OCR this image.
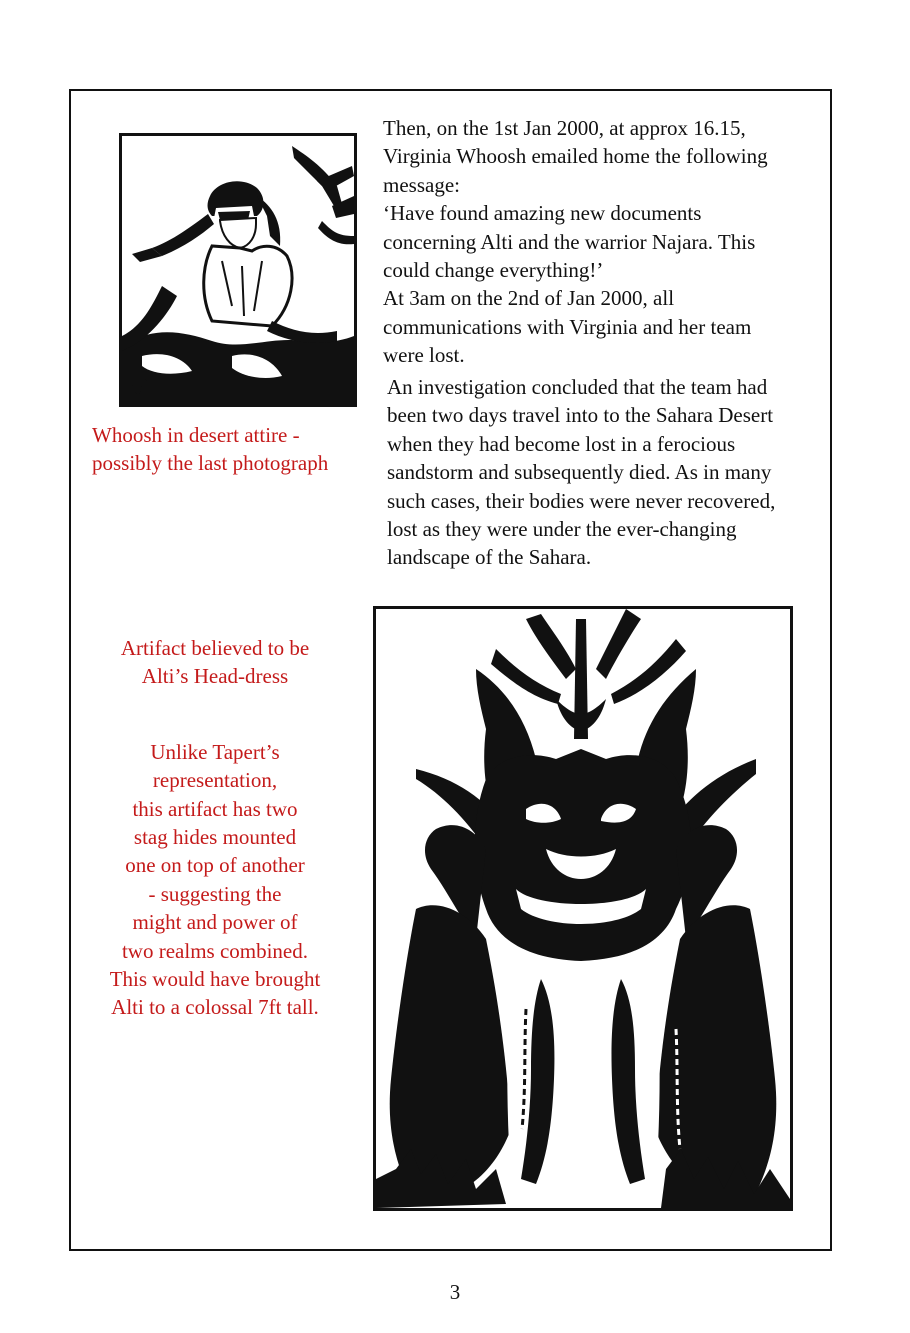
Then, on the 1st Jan 2000, at approx 16.15,

Virginia Whoosh emailed home the following

message:

‘Have found amazing new documents

concerning Alti and the warrior Najara. This

could change everything!’

At 3am on the 2nd of Jan 2000, all

communications with Virginia and her team

were lost.

An investigation concluded that the team had

been two days travel into to the Sahara Desert

when they had become lost in a ferocious

sandstorm and subsequently died. As in many

such cases, their bodies were never recovered,

lost as they were under the ever-changing

landscape of the Sahara.

Whoosh in desert attire -
possibly the last photograph

Artifact believed to be

Alti’s Head-dress

Unlike Tapert’s

representation,

this artifact has two

stag hides mounted

one on top of another

- suggesting the

might and power of

two realms combined.

This would have brought

Alti to a colossal 7ft tall.

3
